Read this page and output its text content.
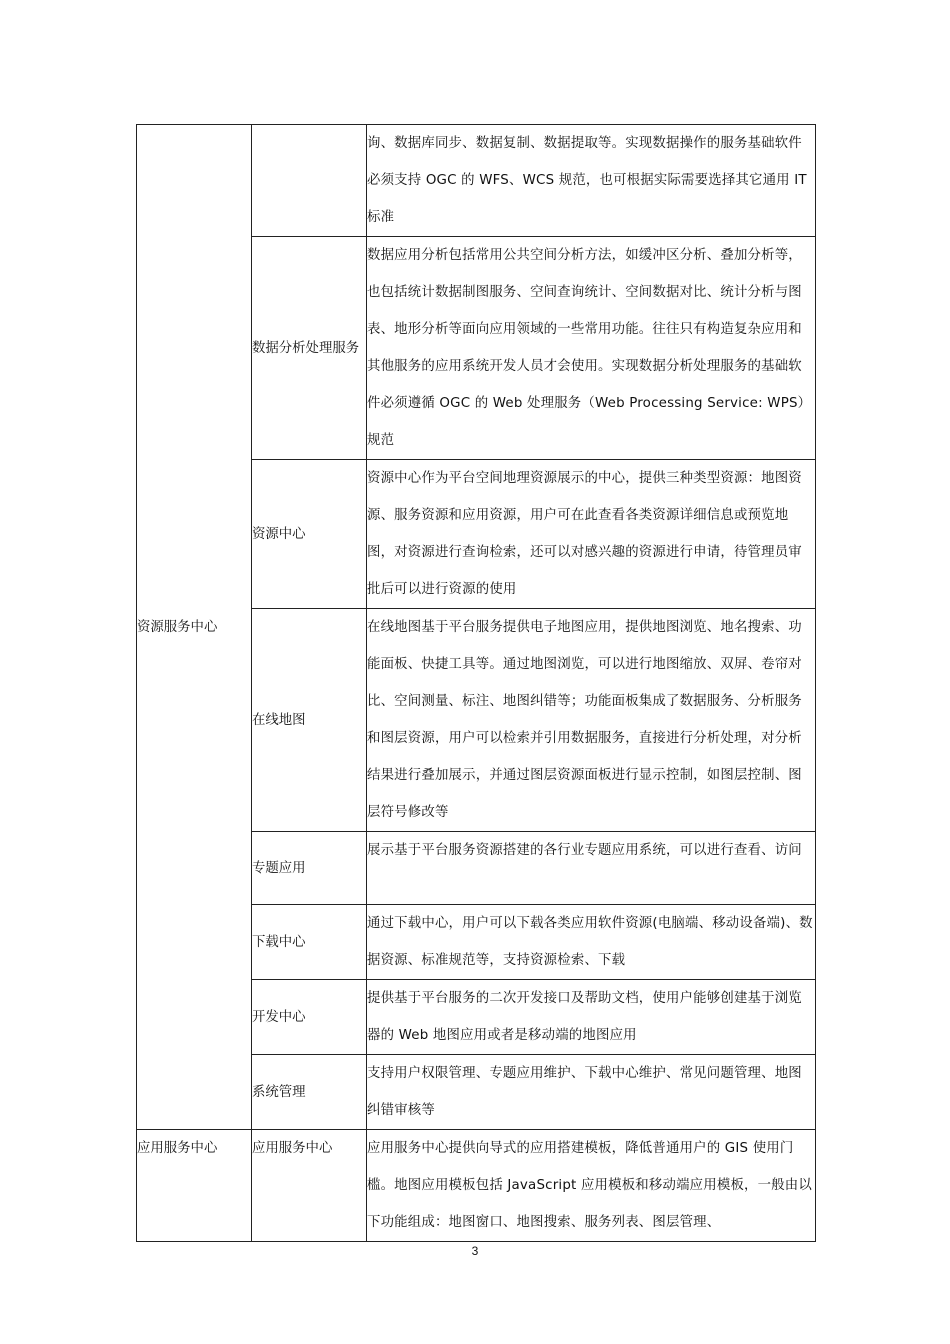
资源服务中心		询、数据库同步、数据复制、数据提取等。实现数据操作的服务基础软件必须支持 OGC 的 WFS、WCS 规范，也可根据实际需要选择其它通用 IT 标准
	数据分析处理服务	数据应用分析包括常用公共空间分析方法，如缓冲区分析、叠加分析等，也包括统计数据制图服务、空间查询统计、空间数据对比、统计分析与图表、地形分析等面向应用领域的一些常用功能。往往只有构造复杂应用和其他服务的应用系统开发人员才会使用。实现数据分析处理服务的基础软件必须遵循 OGC 的 Web 处理服务（Web Processing Service: WPS）规范
	资源中心	资源中心作为平台空间地理资源展示的中心，提供三种类型资源：地图资源、服务资源和应用资源，用户可在此查看各类资源详细信息或预览地图，对资源进行查询检索，还可以对感兴趣的资源进行申请，待管理员审批后可以进行资源的使用
	在线地图	在线地图基于平台服务提供电子地图应用，提供地图浏览、地名搜索、功能面板、快捷工具等。通过地图浏览，可以进行地图缩放、双屏、卷帘对比、空间测量、标注、地图纠错等；功能面板集成了数据服务、分析服务和图层资源，用户可以检索并引用数据服务，直接进行分析处理，对分析结果进行叠加展示，并通过图层资源面板进行显示控制，如图层控制、图层符号修改等
	专题应用	展示基于平台服务资源搭建的各行业专题应用系统，可以进行查看、访问
	下载中心	通过下载中心，用户可以下载各类应用软件资源(电脑端、移动设备端)、数据资源、标准规范等，支持资源检索、下载
	开发中心	提供基于平台服务的二次开发接口及帮助文档，使用户能够创建基于浏览器的 Web 地图应用或者是移动端的地图应用
	系统管理	支持用户权限管理、专题应用维护、下载中心维护、常见问题管理、地图纠错审核等
应用服务中心	应用服务中心	应用服务中心提供向导式的应用搭建模板，降低普通用户的 GIS 使用门槛。地图应用模板包括 JavaScript 应用模板和移动端应用模板，一般由以下功能组成：地图窗口、地图搜索、服务列表、图层管理、
3
